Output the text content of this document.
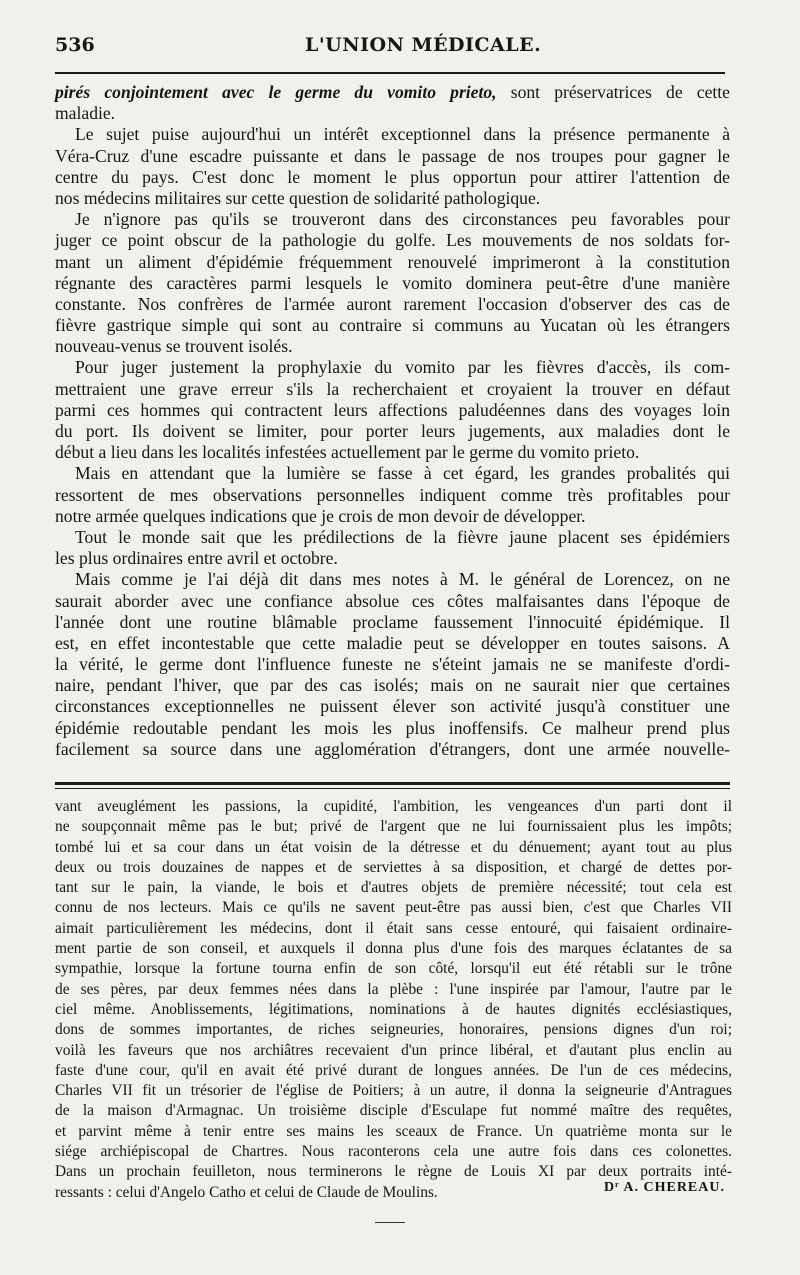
536	L'UNION MÉDICALE.
pirés conjointement avec le germe du vomito prieto, sont préservatrices de cette
maladie.
Le sujet puise aujourd'hui un intérêt exceptionnel dans la présence permanente à
Véra-Cruz d'une escadre puissante et dans le passage de nos troupes pour gagner le
centre du pays. C'est donc le moment le plus opportun pour attirer l'attention de
nos médecins militaires sur cette question de solidarité pathologique.
Je n'ignore pas qu'ils se trouveront dans des circonstances peu favorables pour
juger ce point obscur de la pathologie du golfe. Les mouvements de nos soldats for-
mant un aliment d'épidémie fréquemment renouvelé imprimeront à la constitution
régnante des caractères parmi lesquels le vomito dominera peut-être d'une manière
constante. Nos confrères de l'armée auront rarement l'occasion d'observer des cas de
fièvre gastrique simple qui sont au contraire si communs au Yucatan où les étrangers
nouveau-venus se trouvent isolés.
Pour juger justement la prophylaxie du vomito par les fièvres d'accès, ils com-
mettraient une grave erreur s'ils la recherchaient et croyaient la trouver en défaut
parmi ces hommes qui contractent leurs affections paludéennes dans des voyages loin
du port. Ils doivent se limiter, pour porter leurs jugements, aux maladies dont le
début a lieu dans les localités infestées actuellement par le germe du vomito prieto.
Mais en attendant que la lumière se fasse à cet égard, les grandes probalités qui
ressortent de mes observations personnelles indiquent comme très profitables pour
notre armée quelques indications que je crois de mon devoir de développer.
Tout le monde sait que les prédilections de la fièvre jaune placent ses épidémiers
les plus ordinaires entre avril et octobre.
Mais comme je l'ai déjà dit dans mes notes à M. le général de Lorencez, on ne
saurait aborder avec une confiance absolue ces côtes malfaisantes dans l'époque de
l'année dont une routine blâmable proclame faussement l'innocuité épidémique. Il
est, en effet incontestable que cette maladie peut se développer en toutes saisons. A
la vérité, le germe dont l'influence funeste ne s'éteint jamais ne se manifeste d'ordi-
naire, pendant l'hiver, que par des cas isolés; mais on ne saurait nier que certaines
circonstances exceptionnelles ne puissent élever son activité jusqu'à constituer une
épidémie redoutable pendant les mois les plus inoffensifs. Ce malheur prend plus
facilement sa source dans une agglomération d'étrangers, dont une armée nouvelle-
vant aveuglément les passions, la cupidité, l'ambition, les vengeances d'un parti dont il
ne soupçonnait même pas le but; privé de l'argent que ne lui fournissaient plus les impôts;
tombé lui et sa cour dans un état voisin de la détresse et du dénuement; ayant tout au plus
deux ou trois douzaines de nappes et de serviettes à sa disposition, et chargé de dettes por-
tant sur le pain, la viande, le bois et d'autres objets de première nécessité; tout cela est
connu de nos lecteurs. Mais ce qu'ils ne savent peut-être pas aussi bien, c'est que Charles VII
aimait particulièrement les médecins, dont il était sans cesse entouré, qui faisaient ordinaire-
ment partie de son conseil, et auxquels il donna plus d'une fois des marques éclatantes de sa
sympathie, lorsque la fortune tourna enfin de son côté, lorsqu'il eut été rétabli sur le trône
de ses pères, par deux femmes nées dans la plèbe : l'une inspirée par l'amour, l'autre par le
ciel même. Anoblissements, légitimations, nominations à de hautes dignités ecclésiastiques,
dons de sommes importantes, de riches seigneuries, honoraires, pensions dignes d'un roi;
voilà les faveurs que nos archiâtres recevaient d'un prince libéral, et d'autant plus enclin au
faste d'une cour, qu'il en avait été privé durant de longues années. De l'un de ces médecins,
Charles VII fit un trésorier de l'église de Poitiers; à un autre, il donna la seigneurie d'Antragues
de la maison d'Armagnac. Un troisième disciple d'Esculape fut nommé maître des requêtes,
et parvint même à tenir entre ses mains les sceaux de France. Un quatrième monta sur le
siége archiépiscopal de Chartres. Nous raconterons cela une autre fois dans ces colonettes.
Dans un prochain feuilleton, nous terminerons le règne de Louis XI par deux portraits inté-
ressants : celui d'Angelo Catho et celui de Claude de Moulins.	Dʳ A. CHEREAU.
